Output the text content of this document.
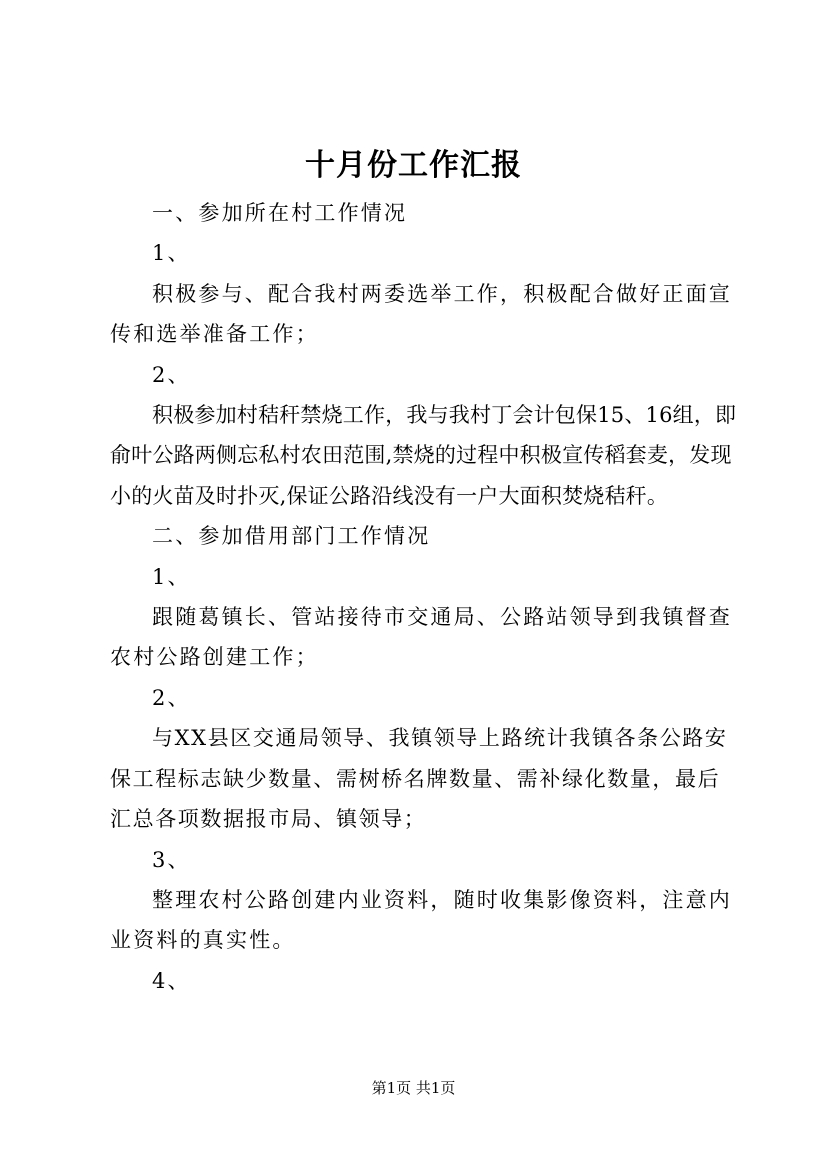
十月份工作汇报

一、参加所在村工作情况

1、

积极参与、配合我村两委选举工作，积极配合做好正面宣传和选举准备工作；

2、

积极参加村秸秆禁烧工作，我与我村丁会计包保15、16组，即俞叶公路两侧忘私村农田范围,禁烧的过程中积极宣传稻套麦，发现小的火苗及时扑灭,保证公路沿线没有一户大面积焚烧秸秆。

二、参加借用部门工作情况

1、

跟随葛镇长、管站接待市交通局、公路站领导到我镇督查农村公路创建工作；

2、

与XX县区交通局领导、我镇领导上路统计我镇各条公路安保工程标志缺少数量、需树桥名牌数量、需补绿化数量，最后汇总各项数据报市局、镇领导；

3、

整理农村公路创建内业资料，随时收集影像资料，注意内业资料的真实性。

4、

第1页 共1页
